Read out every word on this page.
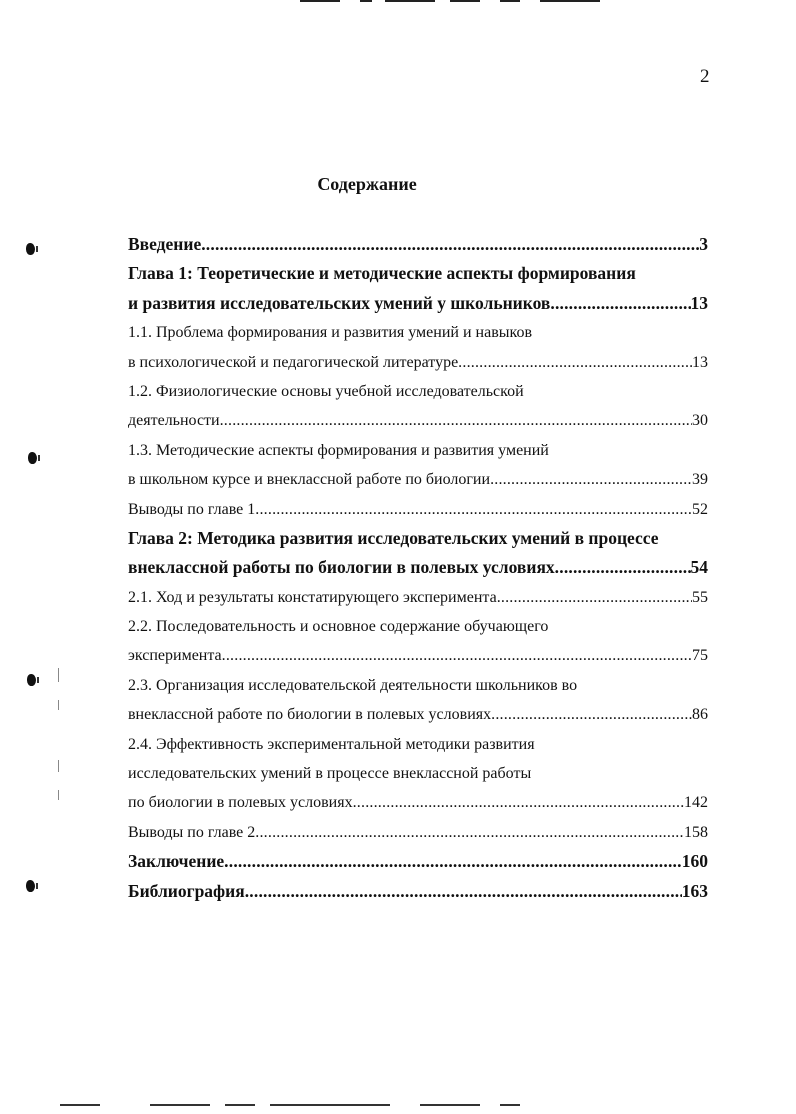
2
Содержание
Введение .....	3
Глава 1: Теоретические и методические аспекты формирования
и развития исследовательских умений у школьников .....	13
1.1. Проблема формирования и развития умений и навыков
в психологической и педагогической литературе .....	13
1.2. Физиологические основы учебной исследовательской
деятельности .....	30
1.3. Методические аспекты формирования и развития умений
в школьном курсе и внеклассной работе по биологии .....	39
Выводы по главе 1 .....	52
Глава 2: Методика развития исследовательских умений в процессе
внеклассной работы по биологии в полевых условиях .....	54
2.1. Ход и результаты констатирующего эксперимента .....	55
2.2. Последовательность и основное содержание обучающего
эксперимента .....	75
2.3. Организация исследовательской деятельности школьников во
внеклассной работе по биологии в полевых условиях .....	86
2.4. Эффективность экспериментальной методики развития
исследовательских умений в процессе внеклассной работы
по биологии в полевых условиях .....	142
Выводы по главе 2 .....	158
Заключение .....	160
Библиография .....	163
